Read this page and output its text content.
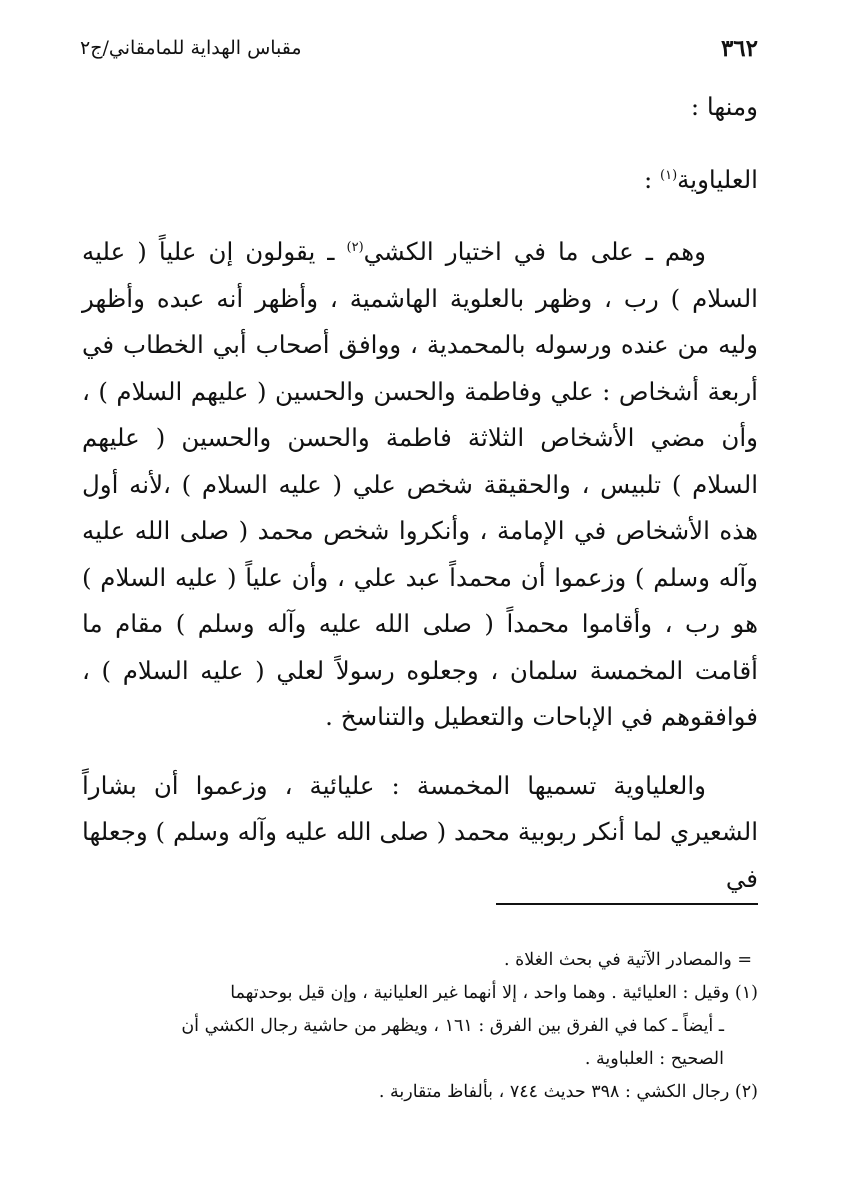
٣٦٢
مقباس الهداية للمامقاني/ج٢

ومنها :

العلياوية$^{(١)}$ :

وهم ـ على ما في اختيار الكشي$^{(٢)}$ ـ يقولون إن علياً ( عليه السلام ) رب ، وظهر بالعلوية الهاشمية ، وأظهر أنه عبده وأظهر وليه من عنده ورسوله بالمحمدية ، ووافق أصحاب أبي الخطاب في أربعة أشخاص : علي وفاطمة والحسن والحسين ( عليهم السلام ) ، وأن مضي الأشخاص الثلاثة فاطمة والحسن والحسين ( عليهم السلام ) تلبيس ، والحقيقة شخص علي ( عليه السلام ) ،لأنه أول هذه الأشخاص في الإمامة ، وأنكروا شخص محمد ( صلى الله عليه وآله وسلم ) وزعموا أن محمداً عبد علي ، وأن علياً ( عليه السلام ) هو رب ، وأقاموا محمداً ( صلى الله عليه وآله وسلم ) مقام ما أقامت المخمسة سلمان ، وجعلوه رسولاً لعلي ( عليه السلام ) ، فوافقوهم في الإباحات والتعطيل والتناسخ .

والعلياوية تسميها المخمسة : عليائية ، وزعموا أن بشاراً الشعيري لما أنكر ربوبية محمد ( صلى الله عليه وآله وسلم ) وجعلها في

= والمصادر الآتية في بحث الغلاة .

(١) وقيل : العليائية . وهما واحد ، إلا أنهما غير العليانية ، وإن قيل بوحدتهما

ـ أيضاً ـ كما في الفرق بين الفرق : ١٦١ ، ويظهر من حاشية رجال الكشي أن

الصحيح : العلباوية .

(٢) رجال الكشي : ٣٩٨ حديث ٧٤٤ ، بألفاظ متقاربة .
